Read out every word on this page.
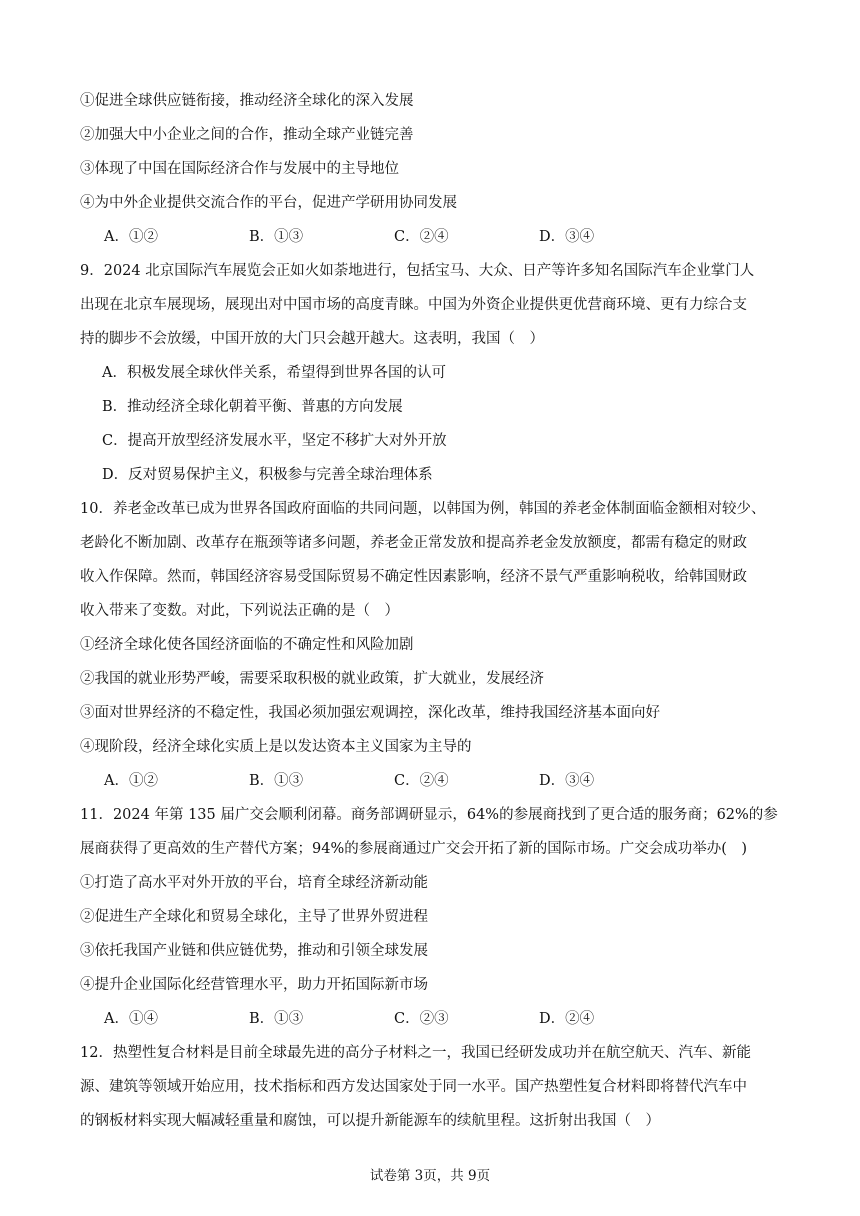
①促进全球供应链衔接，推动经济全球化的深入发展
②加强大中小企业之间的合作，推动全球产业链完善
③体现了中国在国际经济合作与发展中的主导地位
④为中外企业提供交流合作的平台，促进产学研用协同发展
A．①②	B．①③	C．②④	D．③④
9．2024 北京国际汽车展览会正如火如荼地进行，包括宝马、大众、日产等许多知名国际汽车企业掌门人
出现在北京车展现场，展现出对中国市场的高度青睐。中国为外资企业提供更优营商环境、更有力综合支
持的脚步不会放缓，中国开放的大门只会越开越大。这表明，我国（　）
A．积极发展全球伙伴关系，希望得到世界各国的认可
B．推动经济全球化朝着平衡、普惠的方向发展
C．提高开放型经济发展水平，坚定不移扩大对外开放
D．反对贸易保护主义，积极参与完善全球治理体系
10．养老金改革已成为世界各国政府面临的共同问题，以韩国为例，韩国的养老金体制面临金额相对较少、
老龄化不断加剧、改革存在瓶颈等诸多问题，养老金正常发放和提高养老金发放额度，都需有稳定的财政
收入作保障。然而，韩国经济容易受国际贸易不确定性因素影响，经济不景气严重影响税收，给韩国财政
收入带来了变数。对此，下列说法正确的是（　）
①经济全球化使各国经济面临的不确定性和风险加剧
②我国的就业形势严峻，需要采取积极的就业政策，扩大就业，发展经济
③面对世界经济的不稳定性，我国必须加强宏观调控，深化改革，维持我国经济基本面向好
④现阶段，经济全球化实质上是以发达资本主义国家为主导的
A．①②	B．①③	C．②④	D．③④
11．2024 年第 135 届广交会顺利闭幕。商务部调研显示，64%的参展商找到了更合适的服务商；62%的参
展商获得了更高效的生产替代方案；94%的参展商通过广交会开拓了新的国际市场。广交会成功举办(　)
①打造了高水平对外开放的平台，培育全球经济新动能
②促进生产全球化和贸易全球化，主导了世界外贸进程
③依托我国产业链和供应链优势，推动和引领全球发展
④提升企业国际化经营管理水平，助力开拓国际新市场
A．①④	B．①③	C．②③	D．②④
12．热塑性复合材料是目前全球最先进的高分子材料之一，我国已经研发成功并在航空航天、汽车、新能
源、建筑等领域开始应用，技术指标和西方发达国家处于同一水平。国产热塑性复合材料即将替代汽车中
的钢板材料实现大幅减轻重量和腐蚀，可以提升新能源车的续航里程。这折射出我国（　）
试卷第 3页，共 9页
